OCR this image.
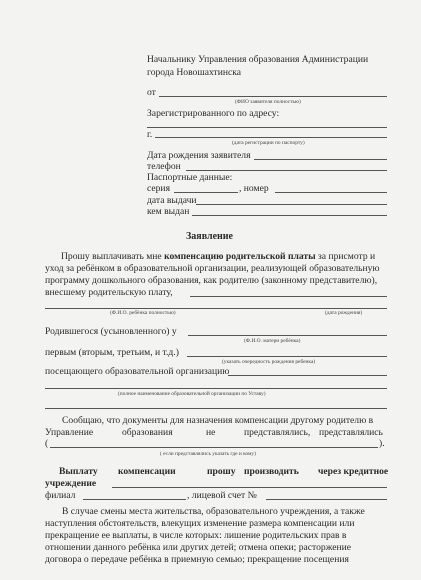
Начальнику Управления образования Администрации
города Новошахтинска
от
(ФИО заявителя полностью)
Зарегистрированного по адресу:
г.
(дата регистрации по паспорту)
Дата рождения заявителя
телефон
Паспортные данные:
серия	, номер
дата выдачи
кем выдан
Заявление
Прошу выплачивать мне компенсацию родительской платы за присмотр и
уход за ребёнком в образовательной организации, реализующей образовательную
программу дошкольного образования, как родителю (законному представителю),
внесшему родительскую плату,
(Ф.И.О. ребёнка полностью)	(дата рождения)
Родившегося (усыновленного) у
(Ф.И.О. матери ребёнка)
первым (вторым, третьим, и т.д.)
(указать очередность рождения ребенка)
посещающего образовательной организацию
(полное наименование образовательной организации по Уставу)
Сообщаю, что документы для назначения компенсации другому родителю в
Управление	образования	не	представлялись, представлялись
(	).
( если представлялись указать где и кому)
Выплату компенсации	прошу производить через кредитное
учреждение
филиал	, лицевой счет №
В случае смены места жительства, образовательного учреждения, а также
наступления обстоятельств, влекущих изменение размера компенсации или
прекращение ее выплаты, в числе которых: лишение родительских прав в
отношении данного ребёнка или других детей; отмена опеки; расторжение
договора о передаче ребёнка в приемную семью; прекращение посещения
